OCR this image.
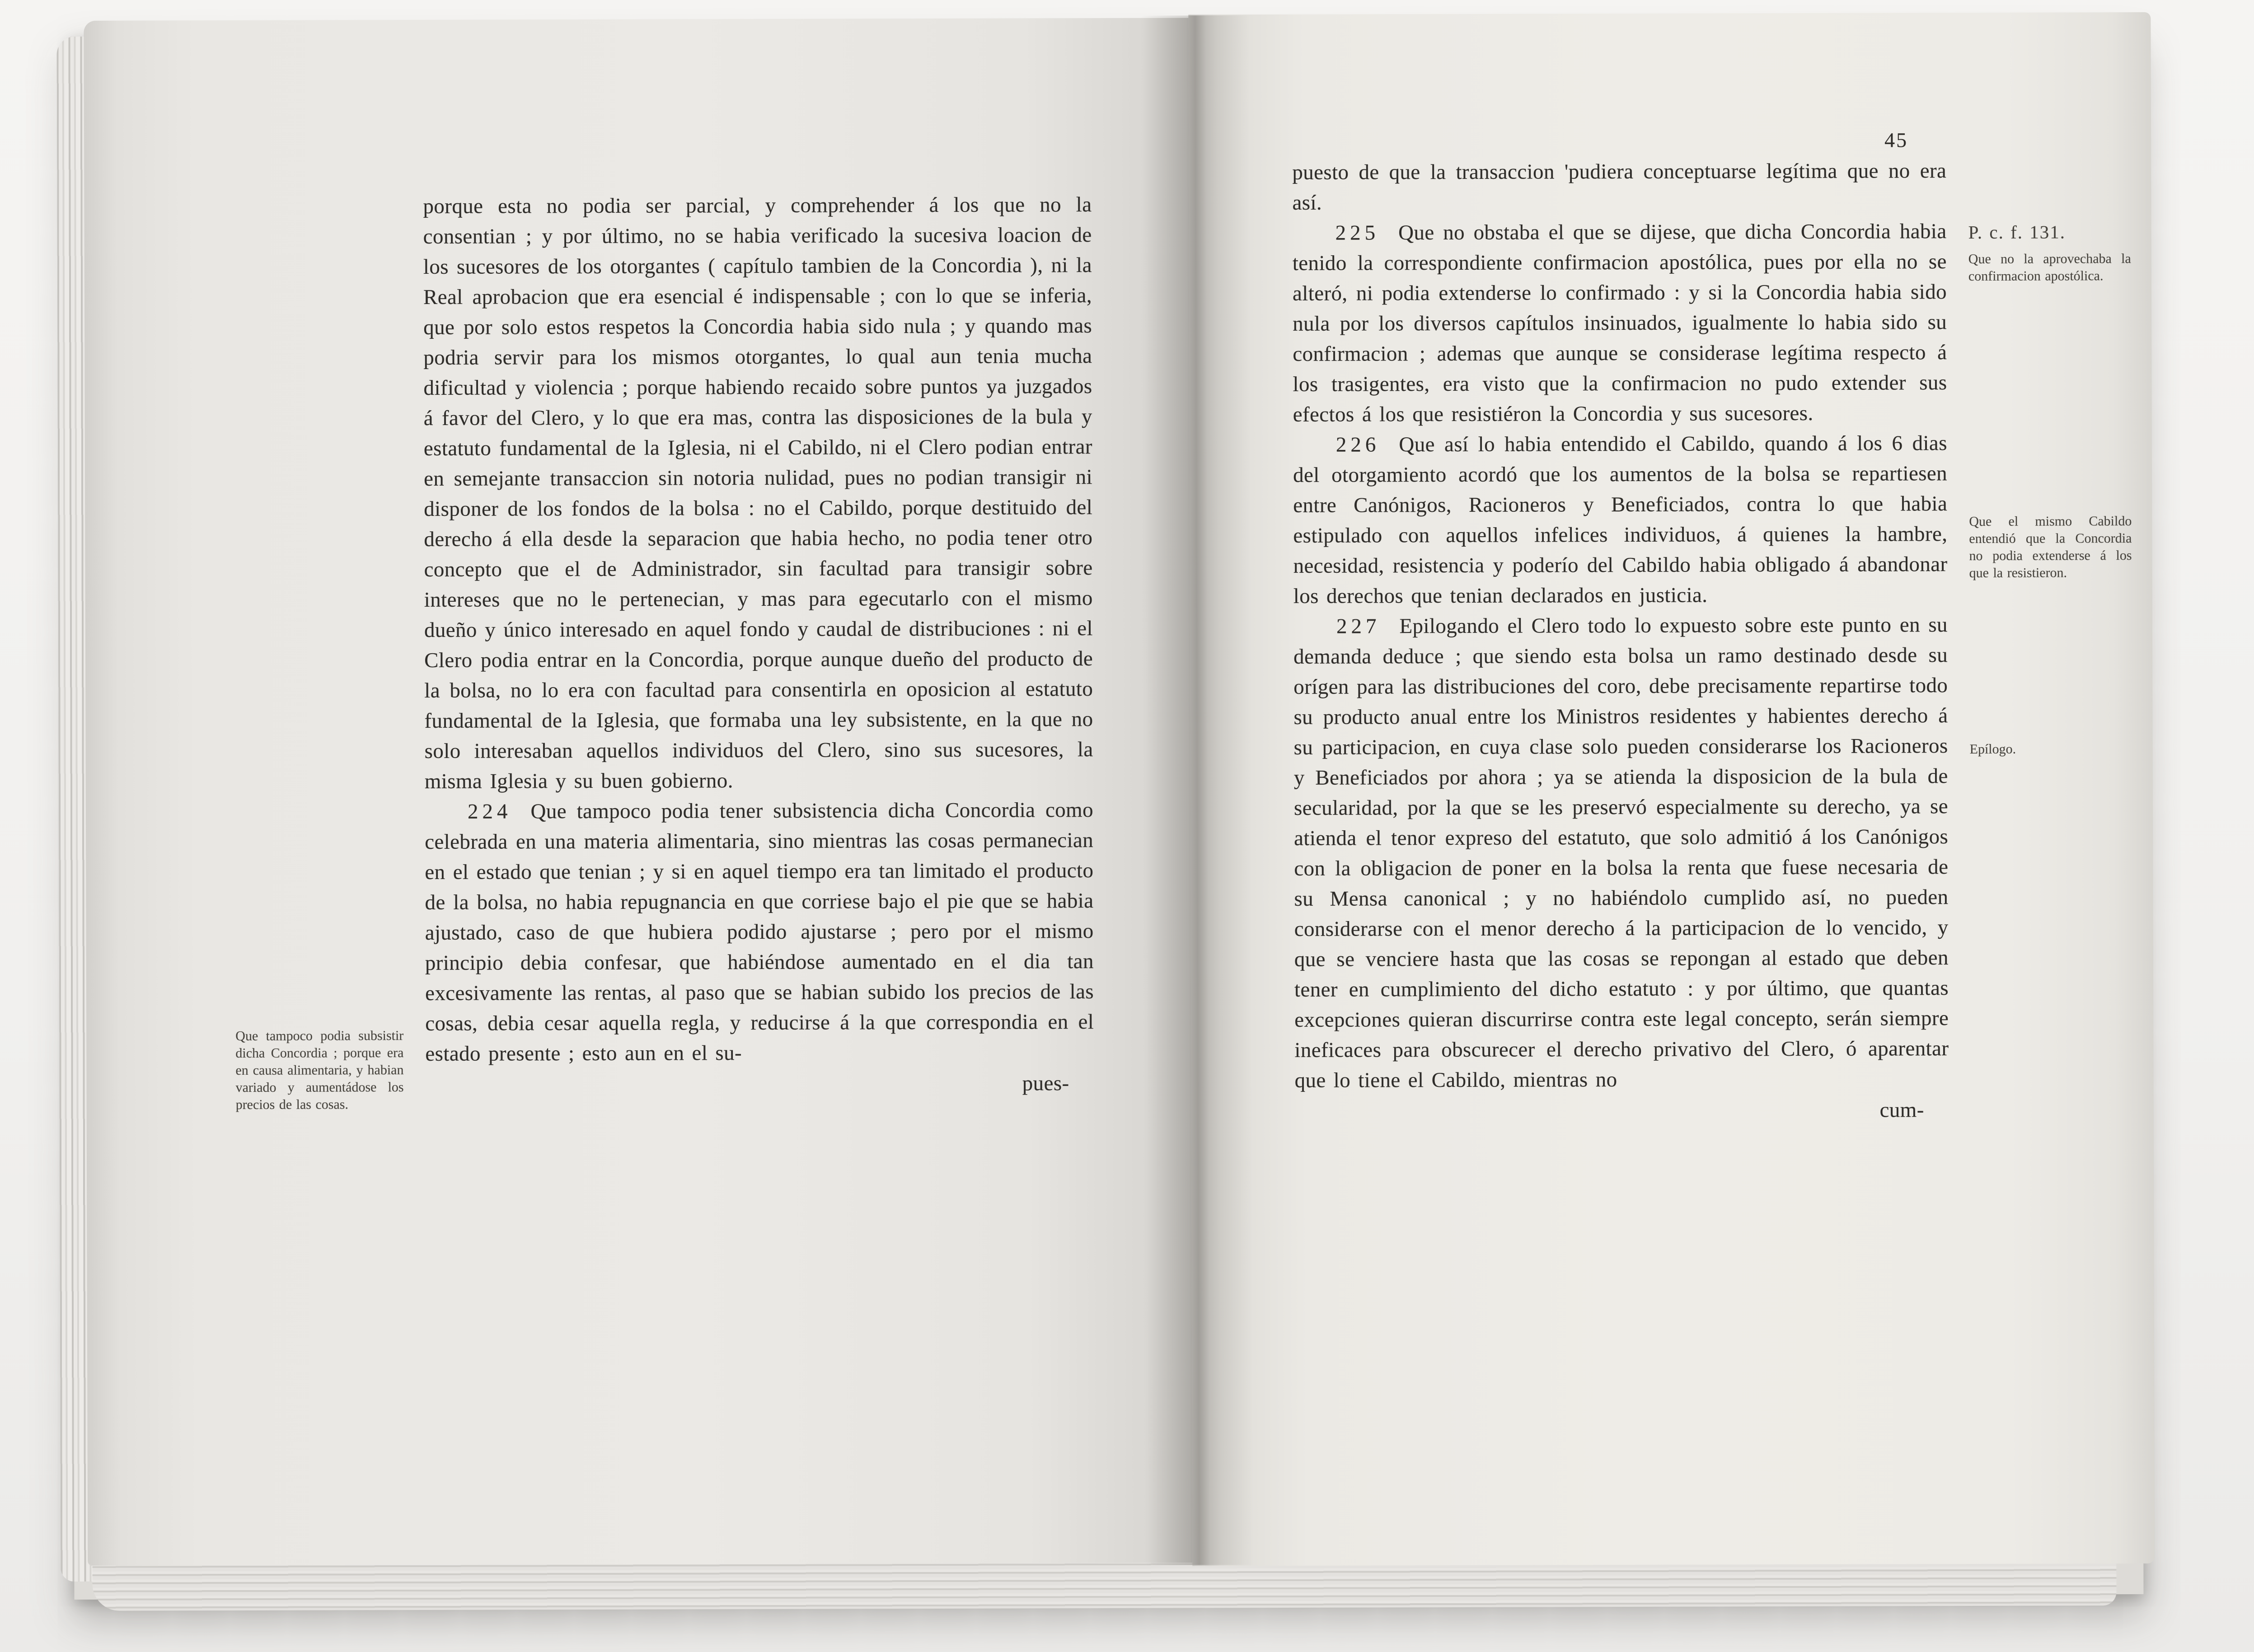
Que tampoco podia subsistir dicha Concordia ; porque era en causa alimentaria, y habian variado y aumentádose los precios de las cosas.

porque esta no podia ser parcial, y comprehender á los que no la consentian ; y por último, no se habia verificado la sucesiva loacion de los sucesores de los otorgantes ( capítulo tambien de la Concordia ), ni la Real aprobacion que era esencial é indispensable ; con lo que se inferia, que por solo estos respetos la Concordia habia sido nula ; y quando mas podria servir para los mismos otorgantes, lo qual aun tenia mucha dificultad y violencia ; porque habiendo recaido sobre puntos ya juzgados á favor del Clero, y lo que era mas, contra las disposiciones de la bula y estatuto fundamental de la Iglesia, ni el Cabildo, ni el Clero podian entrar en semejante transaccion sin notoria nulidad, pues no podian transigir ni disponer de los fondos de la bolsa : no el Cabildo, porque destituido del derecho á ella desde la separacion que habia hecho, no podia tener otro concepto que el de Administrador, sin facultad para transigir sobre intereses que no le pertenecian, y mas para egecutarlo con el mismo dueño y único interesado en aquel fondo y caudal de distribuciones : ni el Clero podia entrar en la Concordia, porque aunque dueño del producto de la bolsa, no lo era con facultad para consentirla en oposicion al estatuto fundamental de la Iglesia, que formaba una ley subsistente, en la que no solo interesaban aquellos individuos del Clero, sino sus sucesores, la misma Iglesia y su buen gobierno.

224 Que tampoco podia tener subsistencia dicha Concordia como celebrada en una materia alimentaria, sino mientras las cosas permanecian en el estado que tenian ; y si en aquel tiempo era tan limitado el producto de la bolsa, no habia repugnancia en que corriese bajo el pie que se habia ajustado, caso de que hubiera podido ajustarse ; pero por el mismo principio debia confesar, que habiéndose aumentado en el dia tan excesivamente las rentas, al paso que se habian subido los precios de las cosas, debia cesar aquella regla, y reducirse á la que correspondia en el estado presente ; esto aun en el su-

pues-
45

puesto de que la transaccion 'pudiera conceptuarse legítima que no era así.

225 Que no obstaba el que se dijese, que dicha Concordia habia tenido la correspondiente confirmacion apostólica, pues por ella no se alteró, ni podia extenderse lo confirmado : y si la Concordia habia sido nula por los diversos capítulos insinuados, igualmente lo habia sido su confirmacion ; ademas que aunque se considerase legítima respecto á los trasigentes, era visto que la confirmacion no pudo extender sus efectos á los que resistiéron la Concordia y sus sucesores.

226 Que así lo habia entendido el Cabildo, quando á los 6 dias del otorgamiento acordó que los aumentos de la bolsa se repartiesen entre Canónigos, Racioneros y Beneficiados, contra lo que habia estipulado con aquellos infelices individuos, á quienes la hambre, necesidad, resistencia y poderío del Cabildo habia obligado á abandonar los derechos que tenian declarados en justicia.

227 Epilogando el Clero todo lo expuesto sobre este punto en su demanda deduce ; que siendo esta bolsa un ramo destinado desde su orígen para las distribuciones del coro, debe precisamente repartirse todo su producto anual entre los Ministros residentes y habientes derecho á su participacion, en cuya clase solo pueden considerarse los Racioneros y Beneficiados por ahora ; ya se atienda la disposicion de la bula de secularidad, por la que se les preservó especialmente su derecho, ya se atienda el tenor expreso del estatuto, que solo admitió á los Canónigos con la obligacion de poner en la bolsa la renta que fuese necesaria de su Mensa canonical ; y no habiéndolo cumplido así, no pueden considerarse con el menor derecho á la participacion de lo vencido, y que se venciere hasta que las cosas se repongan al estado que deben tener en cumplimiento del dicho estatuto : y por último, que quantas excepciones quieran discurrirse contra este legal concepto, serán siempre ineficaces para obscurecer el derecho privativo del Clero, ó aparentar que lo tiene el Cabildo, mientras no

cum-
P. c. f. 131.
Que no la aprovechaba la confirmacion apostólica.
Que el mismo Cabildo entendió que la Concordia no podia extenderse á los que la resistieron.
Epílogo.
